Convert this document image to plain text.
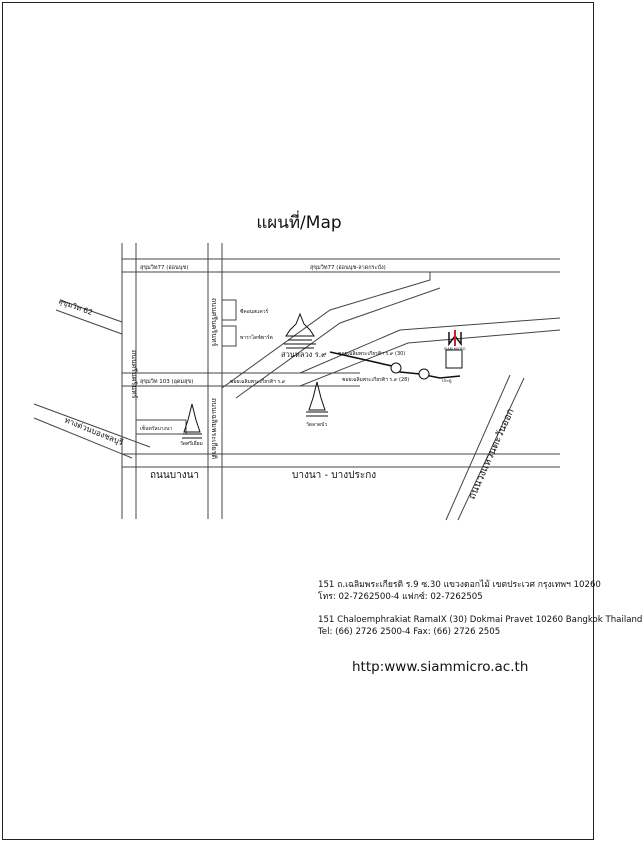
แผนที่/Map
สุขุมวิท77 (อ่อนนุช)	สุขุมวิท77 (อ่อนนุช-ลาดกระบัง)
สุขุมวิท 62
สุขุมวิท 103 (อุดมสุข)	ซอยเฉลิมพระเกียรติฯ ร.๙
ซอยเฉลิมพระเกียรติฯ ร.๙ (30)
ซอยเฉลิมพระเกียรติฯ ร.๙ (28)
ถนนศรีนครินทร์
ถนนศรีนครินทร์
ถนนเฉลิมพระเกียรติ
ถนนบางนา	บางนา - บางประกง
ทางด่วนบองชลบุรี	ถนนวงแหวนตะวันออก
สวนหลวง ร.๙
วัดศรีเอี่ยม
วัดลาดบัว
ซีคอนสแควร์
พาราไดซ์พาร์ค
เซ็นทรัลบางนา
SIAM MICRO
ประตู
151 ถ.เฉลิมพระเกียรติ ร.9 ซ.30 แขวงดอกไม้ เขตประเวศ กรุงเทพฯ 10260
โทร: 02-7262500-4 แฟกซ์: 02-7262505
151 Chaloemphrakiat RamaIX (30) Dokmai Pravet 10260 Bangkok Thailand
Tel: (66) 2726 2500-4 Fax: (66) 2726 2505
http:www.siammicro.ac.th
